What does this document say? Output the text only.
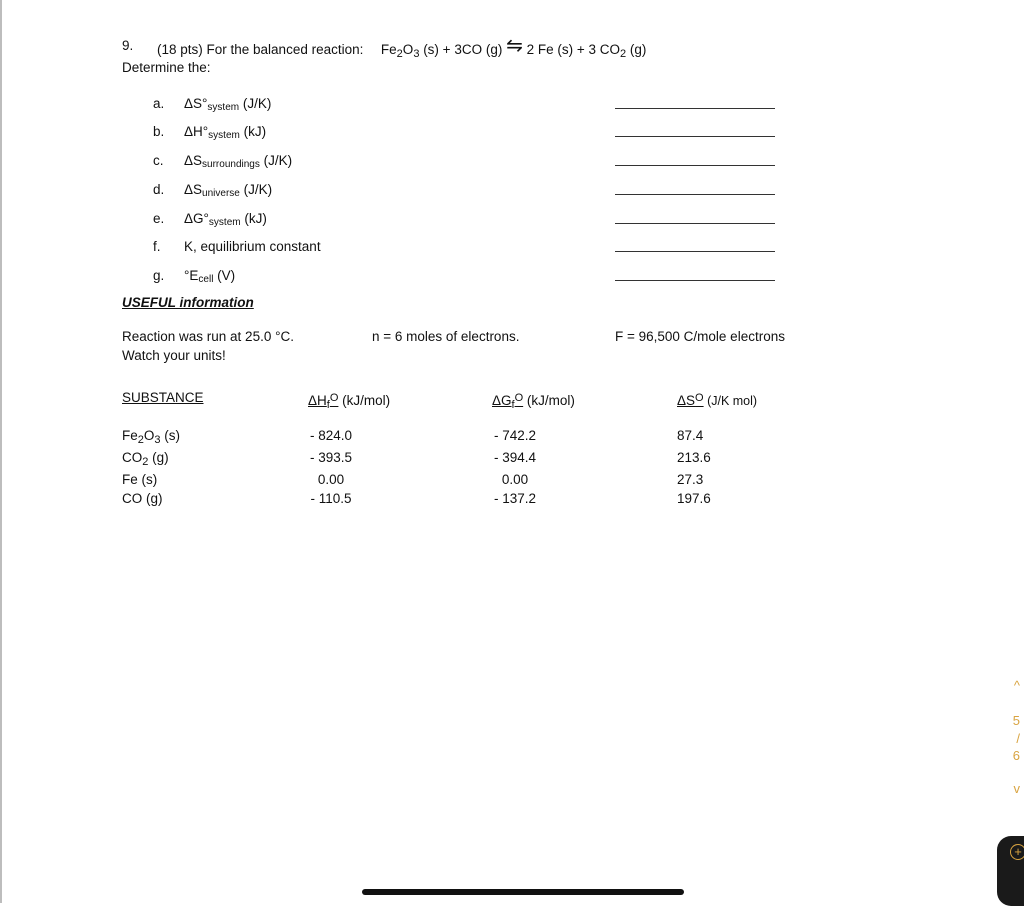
9. (18 pts) For the balanced reaction: $Fe_2O_3$ (s) + 3CO (g) ⇋ 2 Fe (s) + 3 $CO_2$ (g)
Determine the:
a. $\Delta S^\circ_{system}$ (J/K)
b. $\Delta H^\circ_{system}$ (kJ)
c. $\Delta S_{surroundings}$ (J/K)
d. $\Delta S_{universe}$ (J/K)
e. $\Delta G^\circ_{system}$ (kJ)
f. K, equilibrium constant
g. $^\circ E_{cell}$ (V)
USEFUL information
Reaction was run at 25.0 °C.
Watch your units!
n = 6 moles of electrons.	F = 96,500 C/mole electrons
SUBSTANCE	$\Delta H_f^O$ (kJ/mol)	$\Delta G_f^O$ (kJ/mol)	$\Delta S^O$ (J/K mol)
$Fe_2O_3$ (s)	- 824.0	- 742.2	87.4
$CO_2$ (g)	- 393.5	- 394.4	213.6
Fe (s)	0.00	0.00	27.3
CO (g)	- 110.5	- 137.2	197.6
^
5
/
6
v
+
